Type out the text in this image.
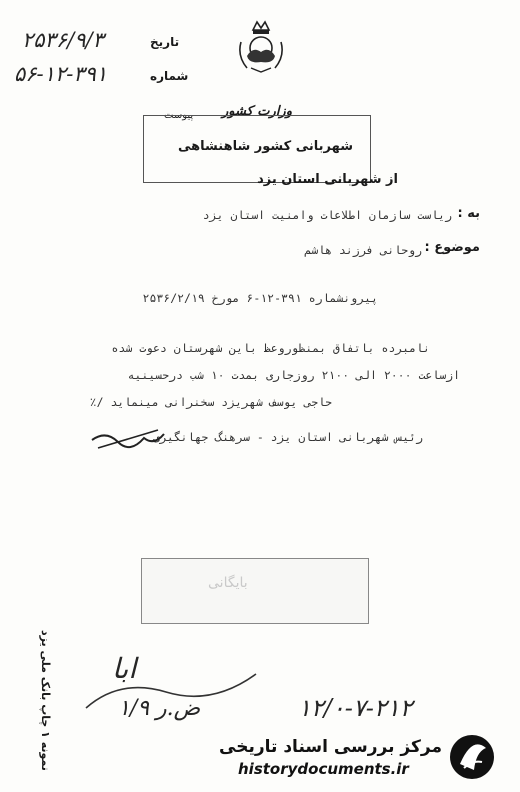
تاریخ
۲۵۳۶/۹/۳
شماره
۵۶-۱۲-۳۹۱
وزارت کشور
پیوست
شهربانی کشور شاهنشاهی
از شهربانی استان یزد
به :
ریاست سازمان اطلاعات وامنیت استان یزد
موضوع :
روحانی فرزند هاشم
پیرونشماره ۳۹۱-۱۲-۶ مورخ ۲۵۳۶/۲/۱۹
نامبرده باتفاق بمنظوروعظ باین شهرستان دعوت شده
ازساعت ۲۰۰۰ الی ۲۱۰۰ روزجاری بمدت ۱۰ شب درحسینیه
حاجی یوسف شهریزد سخنرانی مینماید /٪
رئیس شهربانی استان یزد - سرهنگ جهانگیری
بایگانی
ابا
ض.ر ۱/۹	۱۲/۰-۷-۲۱۲
نمونه ۱ چاپ بانک ملی یزد	مرکز بررسی اسناد تاریخی
historydocuments.ir
